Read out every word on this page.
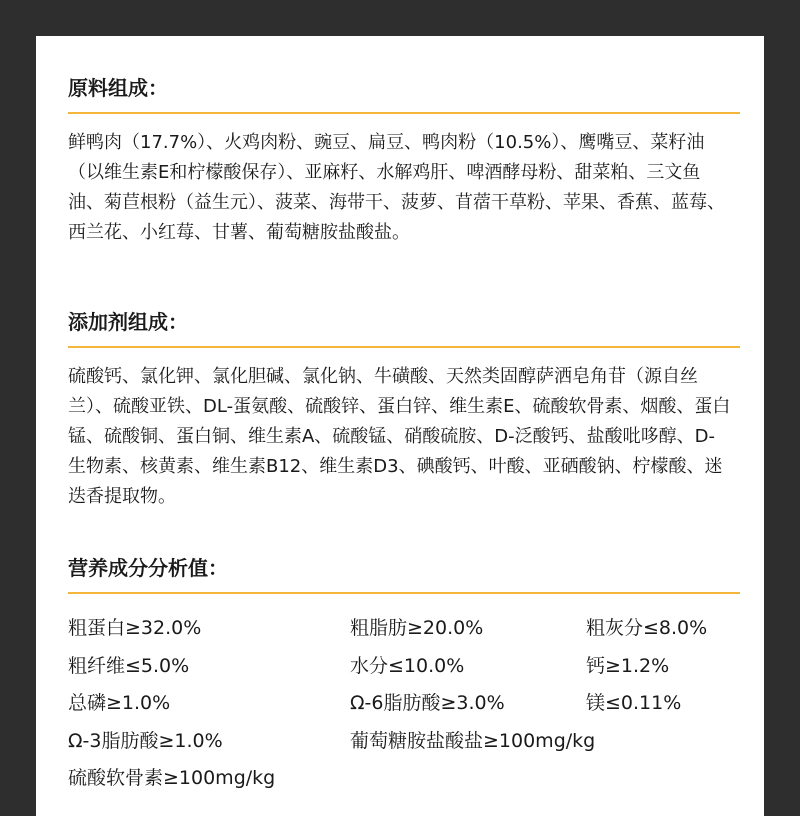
原料组成：
鲜鸭肉（17.7%）、火鸡肉粉、豌豆、扁豆、鸭肉粉（10.5%）、鹰嘴豆、菜籽油（以维生素E和柠檬酸保存）、亚麻籽、水解鸡肝、啤酒酵母粉、甜菜粕、三文鱼油、菊苣根粉（益生元）、菠菜、海带干、菠萝、苜蓿干草粉、苹果、香蕉、蓝莓、西兰花、小红莓、甘薯、葡萄糖胺盐酸盐。
添加剂组成：
硫酸钙、氯化钾、氯化胆碱、氯化钠、牛磺酸、天然类固醇萨洒皂角苷（源自丝兰）、硫酸亚铁、DL-蛋氨酸、硫酸锌、蛋白锌、维生素E、硫酸软骨素、烟酸、蛋白锰、硫酸铜、蛋白铜、维生素A、硫酸锰、硝酸硫胺、D-泛酸钙、盐酸吡哆醇、D-生物素、核黄素、维生素B12、维生素D3、碘酸钙、叶酸、亚硒酸钠、柠檬酸、迷迭香提取物。
营养成分分析值：
粗蛋白≥32.0%	粗脂肪≥20.0%	粗灰分≤8.0%
粗纤维≤5.0%	水分≤10.0%	钙≥1.2%
总磷≥1.0%	Ω-6脂肪酸≥3.0%	镁≤0.11%
Ω-3脂肪酸≥1.0%	葡萄糖胺盐酸盐≥100mg/kg
硫酸软骨素≥100mg/kg
